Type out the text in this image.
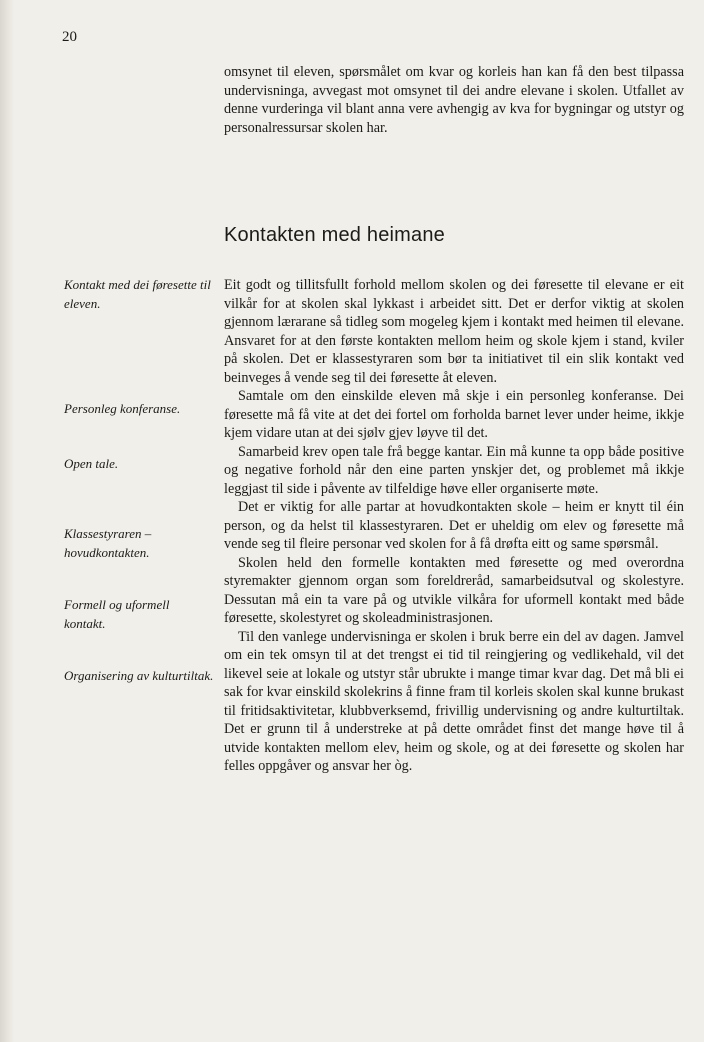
20

omsynet til eleven, spørsmålet om kvar og korleis han kan få den best tilpassa undervisninga, avvegast mot omsynet til dei andre elevane i skolen. Utfallet av denne vurderinga vil blant anna vere avhengig av kva for bygningar og utstyr og personalressursar skolen har.

Kontakten med heimane

Eit godt og tillitsfullt forhold mellom skolen og dei føresette til elevane er eit vilkår for at skolen skal lykkast i arbeidet sitt. Det er derfor viktig at skolen gjennom lærarane så tidleg som mogeleg kjem i kontakt med heimen til elevane. Ansvaret for at den første kontakten mellom heim og skole kjem i stand, kviler på skolen. Det er klassestyraren som bør ta initiativet til ein slik kontakt ved beinveges å vende seg til dei føresette åt eleven.

Samtale om den einskilde eleven må skje i ein personleg konferanse. Dei føresette må få vite at det dei fortel om forholda barnet lever under heime, ikkje kjem vidare utan at dei sjølv gjev løyve til det.

Samarbeid krev open tale frå begge kantar. Ein må kunne ta opp både positive og negative forhold når den eine parten ynskjer det, og problemet må ikkje leggjast til side i påvente av tilfeldige høve eller organiserte møte.

Det er viktig for alle partar at hovudkontakten skole – heim er knytt til éin person, og da helst til klassestyraren. Det er uheldig om elev og føresette må vende seg til fleire personar ved skolen for å få drøfta eitt og same spørsmål.

Skolen held den formelle kontakten med føresette og med overordna styremakter gjennom organ som foreldreråd, samarbeidsutval og skolestyre. Dessutan må ein ta vare på og utvikle vilkåra for uformell kontakt med både føresette, skolestyret og skoleadministrasjonen.

Til den vanlege undervisninga er skolen i bruk berre ein del av dagen. Jamvel om ein tek omsyn til at det trengst ei tid til reingjering og vedlikehald, vil det likevel seie at lokale og utstyr står ubrukte i mange timar kvar dag. Det må bli ei sak for kvar einskild skolekrins å finne fram til korleis skolen skal kunne brukast til fritidsaktivitetar, klubbverksemd, frivillig undervisning og andre kulturtiltak. Det er grunn til å understreke at på dette området finst det mange høve til å utvide kontakten mellom elev, heim og skole, og at dei føresette og skolen har felles oppgåver og ansvar her òg.

Kontakt med dei føresette til eleven.
Personleg konferanse.
Open tale.
Klassestyraren – hovudkontakten.
Formell og uformell kontakt.
Organisering av kulturtiltak.
